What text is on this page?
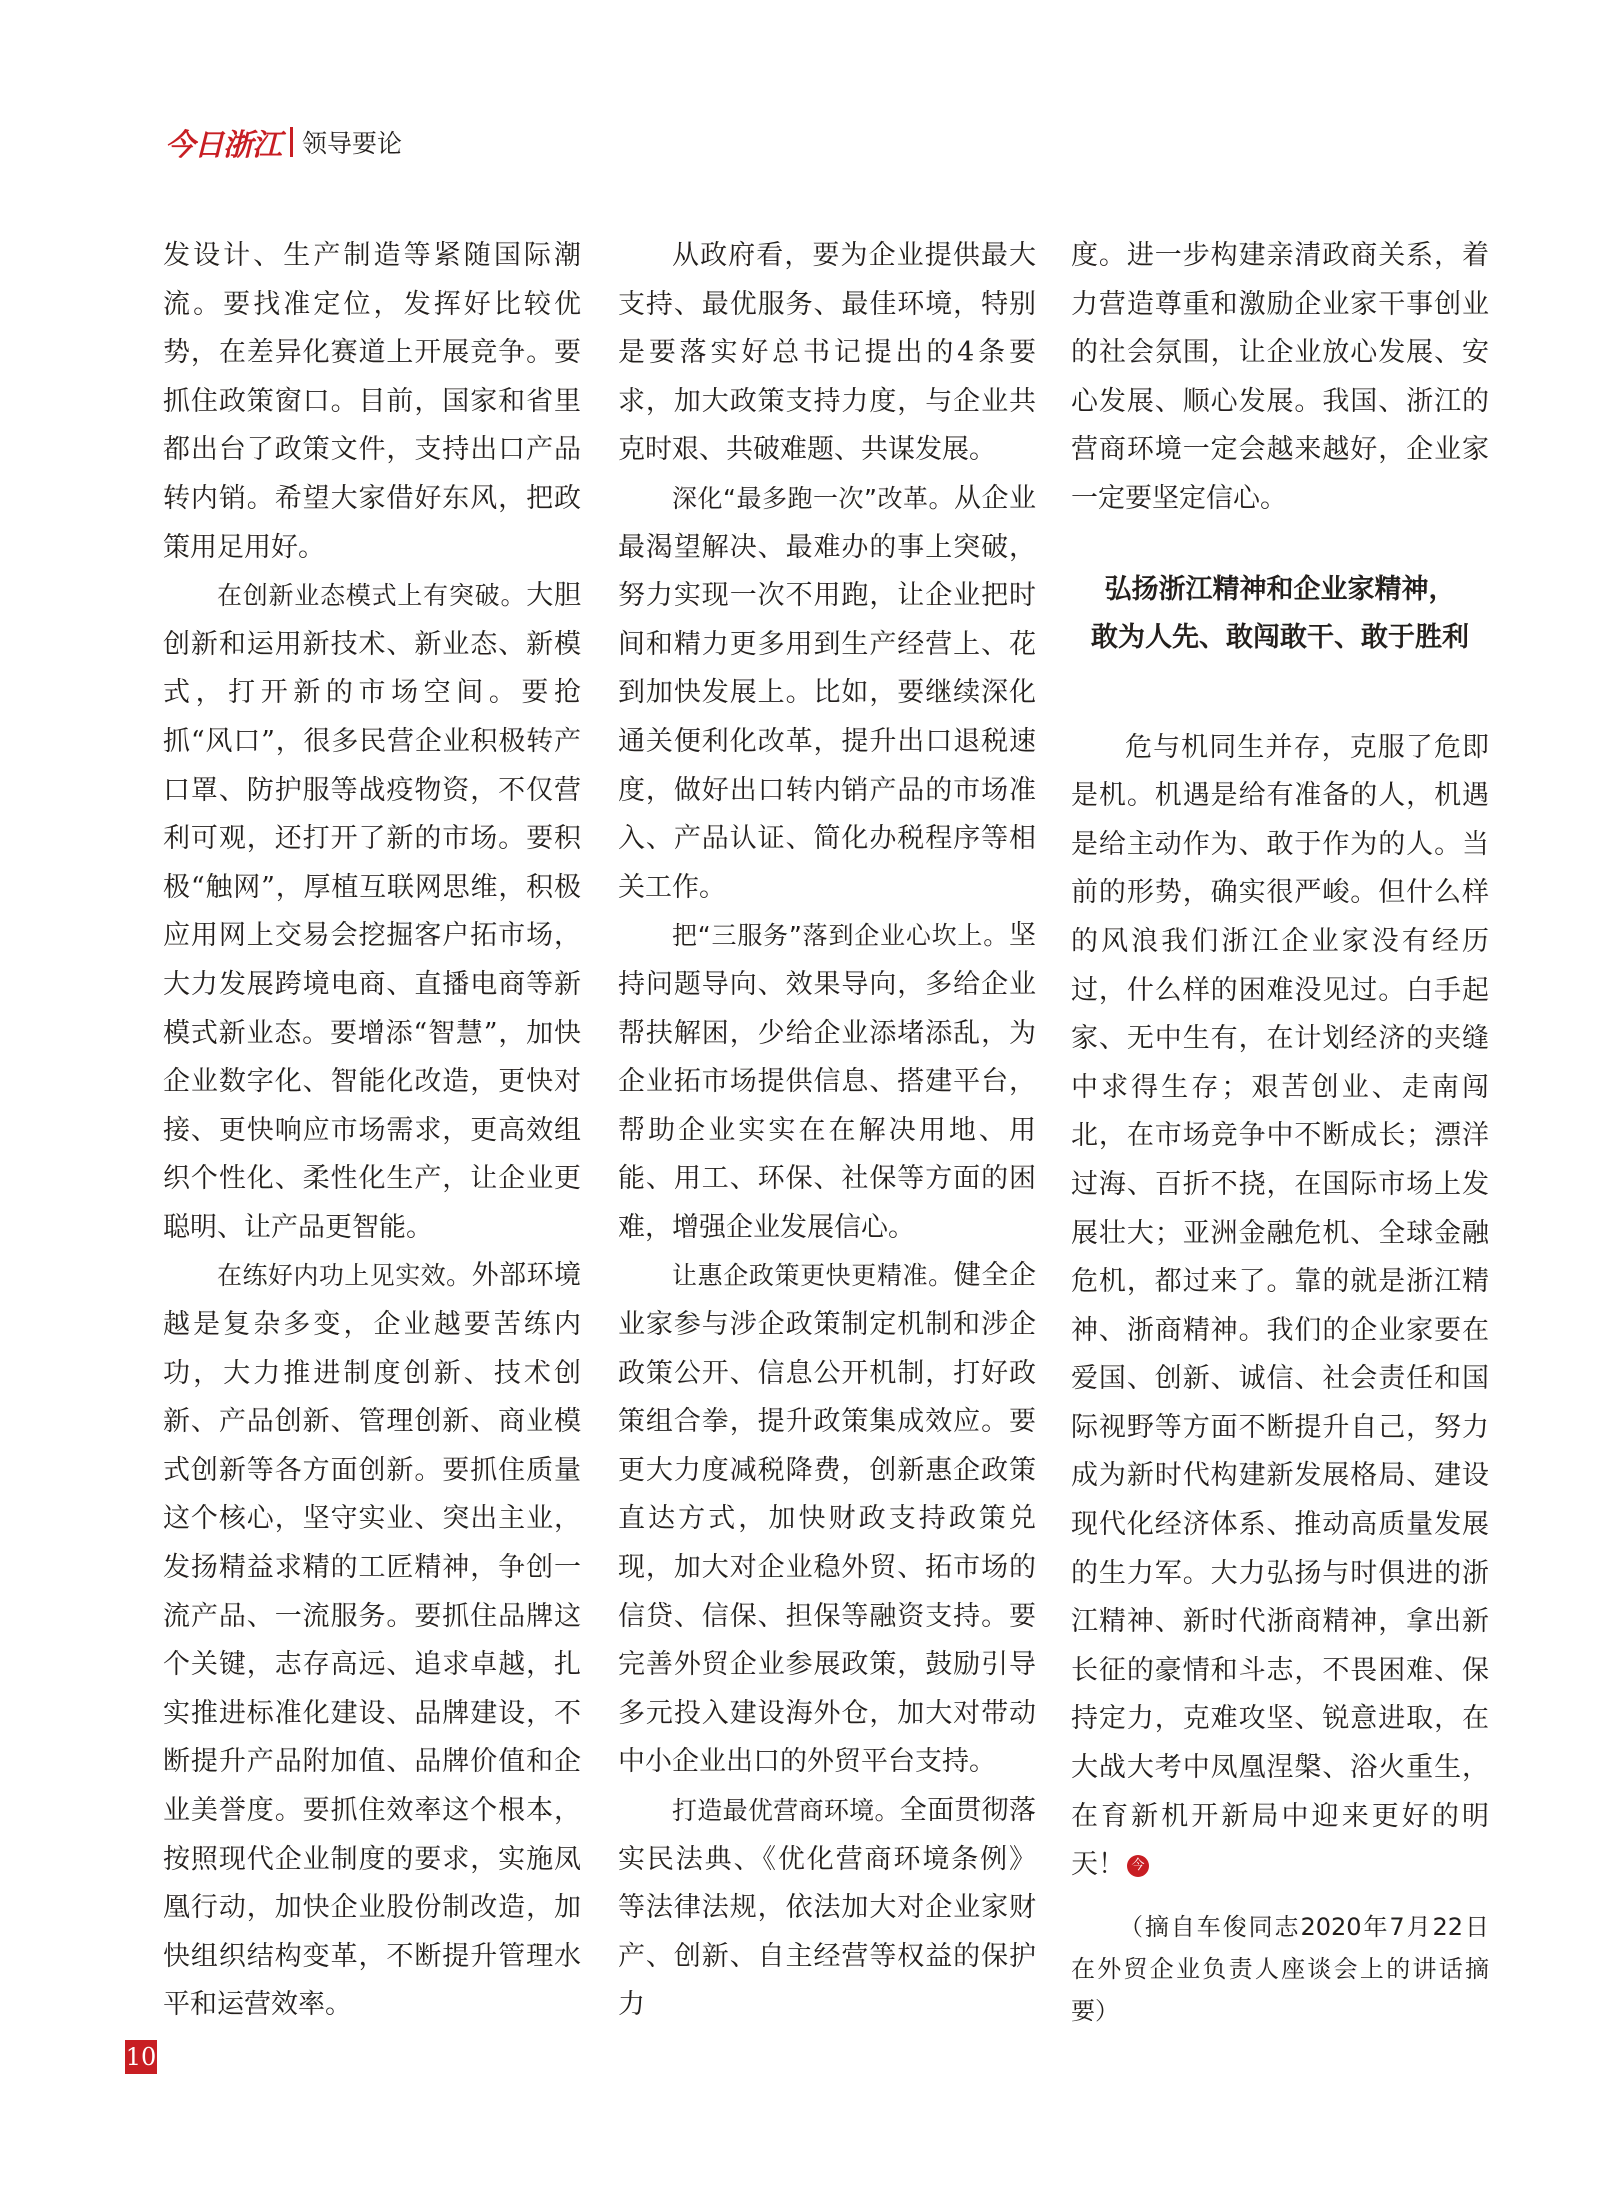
今日浙江 领导要论

发设计、生产制造等紧随国际潮流。要找准定位，发挥好比较优势，在差异化赛道上开展竞争。要抓住政策窗口。目前，国家和省里都出台了政策文件，支持出口产品转内销。希望大家借好东风，把政策用足用好。

在创新业态模式上有突破。大胆创新和运用新技术、新业态、新模式，打开新的市场空间。要抢抓“风口”，很多民营企业积极转产口罩、防护服等战疫物资，不仅营利可观，还打开了新的市场。要积极“触网”，厚植互联网思维，积极应用网上交易会挖掘客户拓市场，大力发展跨境电商、直播电商等新模式新业态。要增添“智慧”，加快企业数字化、智能化改造，更快对接、更快响应市场需求，更高效组织个性化、柔性化生产，让企业更聪明、让产品更智能。

在练好内功上见实效。外部环境越是复杂多变，企业越要苦练内功，大力推进制度创新、技术创新、产品创新、管理创新、商业模式创新等各方面创新。要抓住质量这个核心，坚守实业、突出主业，发扬精益求精的工匠精神，争创一流产品、一流服务。要抓住品牌这个关键，志存高远、追求卓越，扎实推进标准化建设、品牌建设，不断提升产品附加值、品牌价值和企业美誉度。要抓住效率这个根本，按照现代企业制度的要求，实施凤凰行动，加快企业股份制改造，加快组织结构变革，不断提升管理水平和运营效率。

从政府看，要为企业提供最大支持、最优服务、最佳环境，特别是要落实好总书记提出的4条要求，加大政策支持力度，与企业共克时艰、共破难题、共谋发展。

深化“最多跑一次”改革。从企业最渴望解决、最难办的事上突破，努力实现一次不用跑，让企业把时间和精力更多用到生产经营上、花到加快发展上。比如，要继续深化通关便利化改革，提升出口退税速度，做好出口转内销产品的市场准入、产品认证、简化办税程序等相关工作。

把“三服务”落到企业心坎上。坚持问题导向、效果导向，多给企业帮扶解困，少给企业添堵添乱，为企业拓市场提供信息、搭建平台，帮助企业实实在在解决用地、用能、用工、环保、社保等方面的困难，增强企业发展信心。

让惠企政策更快更精准。健全企业家参与涉企政策制定机制和涉企政策公开、信息公开机制，打好政策组合拳，提升政策集成效应。要更大力度减税降费，创新惠企政策直达方式，加快财政支持政策兑现，加大对企业稳外贸、拓市场的信贷、信保、担保等融资支持。要完善外贸企业参展政策，鼓励引导多元投入建设海外仓，加大对带动中小企业出口的外贸平台支持。

打造最优营商环境。全面贯彻落实民法典、《优化营商环境条例》等法律法规，依法加大对企业家财产、创新、自主经营等权益的保护力

度。进一步构建亲清政商关系，着力营造尊重和激励企业家干事创业的社会氛围，让企业放心发展、安心发展、顺心发展。我国、浙江的营商环境一定会越来越好，企业家一定要坚定信心。

弘扬浙江精神和企业家精神，
敢为人先、敢闯敢干、敢于胜利

危与机同生并存，克服了危即是机。机遇是给有准备的人，机遇是给主动作为、敢于作为的人。当前的形势，确实很严峻。但什么样的风浪我们浙江企业家没有经历过，什么样的困难没见过。白手起家、无中生有，在计划经济的夹缝中求得生存；艰苦创业、走南闯北，在市场竞争中不断成长；漂洋过海、百折不挠，在国际市场上发展壮大；亚洲金融危机、全球金融危机，都过来了。靠的就是浙江精神、浙商精神。我们的企业家要在爱国、创新、诚信、社会责任和国际视野等方面不断提升自己，努力成为新时代构建新发展格局、建设现代化经济体系、推动高质量发展的生力军。大力弘扬与时俱进的浙江精神、新时代浙商精神，拿出新长征的豪情和斗志，不畏困难、保持定力，克难攻坚、锐意进取，在大战大考中凤凰涅槃、浴火重生，在育新机开新局中迎来更好的明天！ 今

（摘自车俊同志2020年7月22日在外贸企业负责人座谈会上的讲话摘要）

10
